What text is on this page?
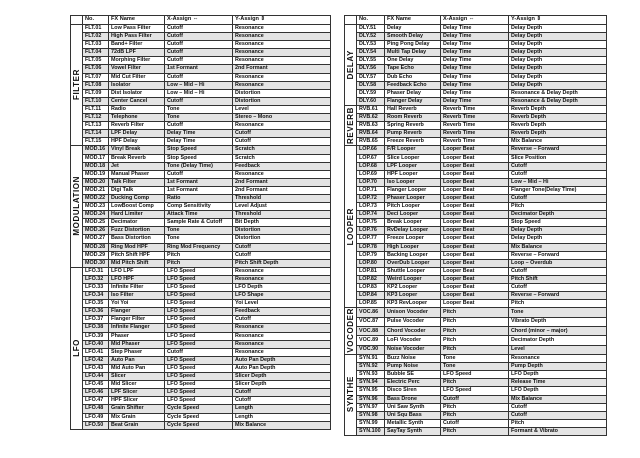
	No.	FX Name	X-Assign ⇔	Y-Assign ⇕
FILTER	FLT.01	Low Pass Filter	Cutoff	Resonance
	FLT.02	High Pass Filter	Cutoff	Resonance
	FLT.03	Band+ Filter	Cutoff	Resonance
	FLT.04	72dB LPF	Cutoff	Resonance
	FLT.05	Morphing Filter	Cutoff	Resonance
	FLT.06	Vowel Filter	1st Formant	2nd Formant
	FLT.07	Mid Cut Filter	Cutoff	Resonance
	FLT.08	Isolator	Low – Mid – Hi	Resonance
	FLT.09	Dist Isolator	Low – Mid – Hi	Distortion
	FLT.10	Center Cancel	Cutoff	Distortion
	FLT.11	Radio	Tone	Level
	FLT.12	Telephone	Tone	Stereo – Mono
	FLT.13	Reverb Filter	Cutoff	Resonance
	FLT.14	LPF Delay	Delay Time	Cutoff
	FLT.15	HPF Delay	Delay Time	Cutoff
MODULATION	MOD.16	Vinyl Break	Stop Speed	Scratch
	MOD.17	Break Reverb	Stop Speed	Scratch
	MOD.18	Jet	Tone (Delay Time)	Feedback
	MOD.19	Manual Phaser	Cutoff	Resonance
	MOD.20	Talk Filter	1st Formant	2nd Formant
	MOD.21	Digi Talk	1st Formant	2nd Formant
	MOD.22	Ducking Comp	Ratio	Threshold
	MOD.23	LowBoost Comp	Comp Sensitivity	Level Adjust
	MOD.24	Hard Limiter	Attack Time	Threshold
	MOD.25	Decimator	Sample Rate & Cutoff	Bit Depth
	MOD.26	Fuzz Distortion	Tone	Distortion
	MOD.27	Bass Distortion	Tone	Distortion
	MOD.28	Ring Mod HPF	Ring Mod Frequency	Cutoff
	MOD.29	Pitch Shift HPF	Pitch	Cutoff
	MOD.30	Mid Pitch Shift	Pitch	Pitch Shift Depth
LFO	LFO.31	LFO LPF	LFO Speed	Resonance
	LFO.32	LFO HPF	LFO Speed	Resonance
	LFO.33	Infinite Filter	LFO Speed	LFO Depth
	LFO.34	Iso Filter	LFO Speed	LFO Shape
	LFO.35	Yoi Yoi	LFO Speed	Yoi Level
	LFO.36	Flanger	LFO Speed	Feedback
	LFO.37	Flanger Filter	LFO Speed	Cutoff
	LFO.38	Infinite Flanger	LFO Speed	Resonance
	LFO.39	Phaser	LFO Speed	Resonance
	LFO.40	Mid Phaser	LFO Speed	Resonance
	LFO.41	Step Phaser	Cutoff	Resonance
	LFO.42	Auto Pan	LFO Speed	Auto Pan Depth
	LFO.43	Mid Auto Pan	LFO Speed	Auto Pan Depth
	LFO.44	Slicer	LFO Speed	Slicer Depth
	LFO.45	Mid Slicer	LFO Speed	Slicer Depth
	LFO.46	LPF Slicer	LFO Speed	Cutoff
	LFO.47	HPF Slicer	LFO Speed	Cutoff
	LFO.48	Grain Shifter	Cycle Speed	Length
	LFO.49	Mix Grain	Cycle Speed	Length
	LFO.50	Beat Grain	Cycle Speed	Mix Balance
	No.	FX Name	X-Assign ⇔	Y-Assign ⇕
DELAY	DLY.51	Delay	Delay Time	Delay Depth
	DLY.52	Smooth Delay	Delay Time	Delay Depth
	DLY.53	Ping Pong Delay	Delay Time	Delay Depth
	DLY.54	Multi Tap Delay	Delay Time	Delay Depth
	DLY.55	One Delay	Delay Time	Delay Depth
	DLY.56	Tape Echo	Delay Time	Delay Depth
	DLY.57	Dub Echo	Delay Time	Delay Depth
	DLY.58	Feedback Echo	Delay Time	Delay Depth
	DLY.59	Phaser Delay	Delay Time	Resonance & Delay Depth
	DLY.60	Flanger Delay	Delay Time	Resonance & Delay Depth
REVERB	RVB.61	Hall Reverb	Reverb Time	Reverb Depth
	RVB.62	Room Reverb	Reverb Time	Reverb Depth
	RVB.63	Spring Reverb	Reverb Time	Reverb Depth
	RVB.64	Pump Reverb	Reverb Time	Reverb Depth
	RVB.65	Freeze Reverb	Reverb Time	Mix Balance
LOOPER	LOP.66	F/R Looper	Looper Beat	Reverse – Forward
	LOP.67	Slice Looper	Looper Beat	Slice Position
	LOP.68	LPF Looper	Looper Beat	Cutoff
	LOP.69	HPF Looper	Looper Beat	Cutoff
	LOP.70	Iso Looper	Looper Beat	Low – Mid – Hi
	LOP.71	Flanger Looper	Looper Beat	Flanger Tone(Delay Time)
	LOP.72	Phaser Looper	Looper Beat	Cutoff
	LOP.73	Pitch Looper	Looper Beat	Pitch
	LOP.74	Deci Looper	Looper Beat	Decimator Depth
	LOP.75	Break Looper	Looper Beat	Stop Speed
	LOP.76	RvDelay Looper	Looper Beat	Delay Depth
	LOP.77	Freeze Looper	Looper Beat	Delay Depth
	LOP.78	High Looper	Looper Beat	Mix Balance
	LOP.79	Backing Looper	Looper Beat	Reverse – Forward
	LOP.80	OverDub Looper	Looper Beat	Loop – Overdub
	LOP.81	Shuttle Looper	Looper Beat	Cutoff
	LOP.82	Weird Looper	Looper Beat	Pitch Shift
	LOP.83	KP2 Looper	Looper Beat	Cutoff
	LOP.84	KP3 Looper	Looper Beat	Reverse – Forward
	LOP.85	KP3 RevLooper	Looper Beat	Pitch
VOCODER	VOC.86	Unison Vocoder	Pitch	Tone
	VOC.87	Pulse Vocoder	Pitch	Vibrato Depth
	VOC.88	Chord Vocoder	Pitch	Chord (minor – major)
	VOC.89	LoFi Vocoder	Pitch	Decimator Depth
	VOC.90	Noise Vocoder	Pitch	Level
SYNTHE	SYN.91	Buzz Noise	Tone	Resonance
	SYN.92	Pump Noise	Tone	Pump Depth
	SYN.93	Bubble SE	LFO Speed	LFO Depth
	SYN.94	Electric Perc	Pitch	Release Time
	SYN.95	Disco Siren	LFO Speed	LFO Depth
	SYN.96	Bass Drone	Cutoff	Mix Balance
	SYN.97	Uni Saw Synth	Pitch	Cutoff
	SYN.98	Uni Squ Bass	Pitch	Cutoff
	SYN.99	Metallic Synth	Cutoff	Pitch
	SYN.100	SayTay Synth	Pitch	Formant & Vibrato
